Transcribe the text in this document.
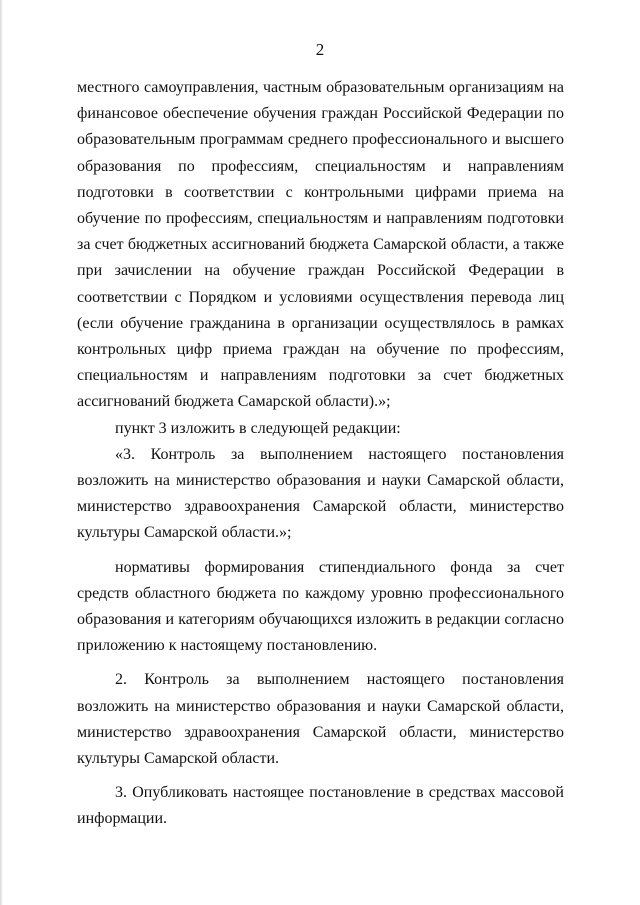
2

местного самоуправления, частным образовательным организациям на финансовое обеспечение обучения граждан Российской Федерации по образовательным программам среднего профессионального и высшего образования по профессиям, специальностям и направлениям подготовки в соответствии с контрольными цифрами приема на обучение по профессиям, специальностям и направлениям подготовки за счет бюджетных ассигнований бюджета Самарской области, а также при зачислении на обучение граждан Российской Федерации в соответствии с Порядком и условиями осуществления перевода лиц (если обучение гражданина в организации осуществлялось в рамках контрольных цифр приема граждан на обучение по профессиям, специальностям и направлениям подготовки за счет бюджетных ассигнований бюджета Самарской области).»;

пункт 3 изложить в следующей редакции:

«3. Контроль за выполнением настоящего постановления возложить на министерство образования и науки Самарской области, министерство здравоохранения Самарской области, министерство культуры Самарской области.»;

нормативы формирования стипендиального фонда за счет средств областного бюджета по каждому уровню профессионального образования и категориям обучающихся изложить в редакции согласно приложению к настоящему постановлению.

2. Контроль за выполнением настоящего постановления возложить на министерство образования и науки Самарской области, министерство здравоохранения Самарской области, министерство культуры Самарской области.

3. Опубликовать настоящее постановление в средствах массовой информации.
